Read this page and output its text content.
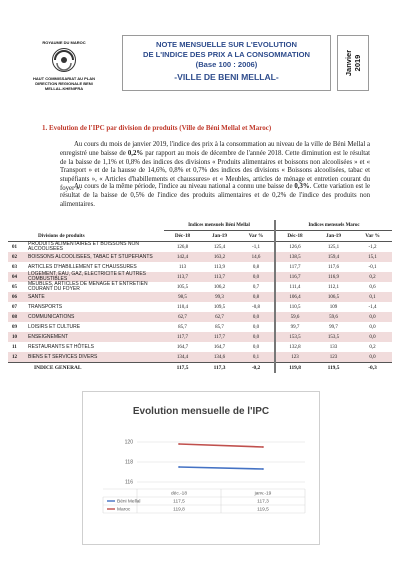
ROYAUME DU MAROC
HAUT COMMISSARIAT AU PLAN
DIRECTION REGIONALE BENI
MELLAL-KHENIFRA
NOTE MENSUELLE SUR L'EVOLUTION
DE L'INDICE DES PRIX A LA CONSOMMATION
(Base 100 : 2006)
-VILLE DE BENI MELLAL-
Janvier 2019
1. Evolution de l'IPC par division de produits (Ville de Béni Mellal et Maroc)
Au cours du mois de janvier 2019, l'indice des prix à la consommation au niveau de la ville de Béni Mellal a enregistré une baisse de 0,2% par rapport au mois de décembre de l'année 2018. Cette diminution est le résultat de la baisse de 1,1% et 0,8% des indices des divisions « Produits alimentaires et boissons non alcoolisées » et « Transport » et de la hausse de 14,6%, 0,8% et 0,7% des indices des divisions « Boissons alcoolisées, tabac et stupéfiants », « Articles d'habillements et chaussures» et « Meubles, articles de ménage et entretien courant du foyer ».
Au cours de la même période, l'indice au niveau national a connu une baisse de 0,3%. Cette variation est le résultat de la baisse de 0,5% de l'indice des produits alimentaires et de 0,2% de l'indice des produits non alimentaires.
		Indices mensuels Béni Mellal			Indices mensuels Maroc		
	Divisions de produits	Déc-18	Jan-19	Var %	Déc-18	Jan-19	Var %
01	PRODUITS ALIMENTAIRES ET BOISSONS NON ALCOOLISEES	126,8	125,4	-1,1	126,6	125,1	-1,2
02	BOISSONS ALCOOLISEES, TABAC ET STUPEFIANTS	142,4	163,2	14,6	138,5	159,4	15,1
03	ARTICLES D'HABILLEMENT ET CHAUSSURES	113	113,9	0,8	117,7	117,6	-0,1
04	LOGEMENT, EAU, GAZ, ELECTRICITE ET AUTRES COMBUSTIBLES	113,7	113,7	0,0	116,7	116,9	0,2
05	MEUBLES, ARTICLES DE MENAGE ET ENTRETIEN COURANT DU FOYER	105,5	106,2	0,7	111,4	112,1	0,6
06	SANTE	98,5	99,3	0,8	106,4	106,5	0,1
07	TRANSPORTS	110,4	109,5	-0,8	110,5	109	-1,4
08	COMMUNICATIONS	62,7	62,7	0,0	59,6	59,6	0,0
09	LOISIRS ET CULTURE	85,7	85,7	0,0	99,7	99,7	0,0
10	ENSEIGNEMENT	117,7	117,7	0,0	153,5	153,5	0,0
11	RESTAURANTS ET HÔTELS	164,7	164,7	0,0	132,8	133	0,2
12	BIENS ET SERVICES DIVERS	134,4	134,6	0,1	123	123	0,0
	INDICE GENERAL	117,5	117,3	-0,2	119,8	119,5	-0,3
Evolution mensuelle de l'IPC
116
118
120
déc.-18	janv.-19
Béni Mellal	117,5	117,3
Maroc	119,8	119,5
